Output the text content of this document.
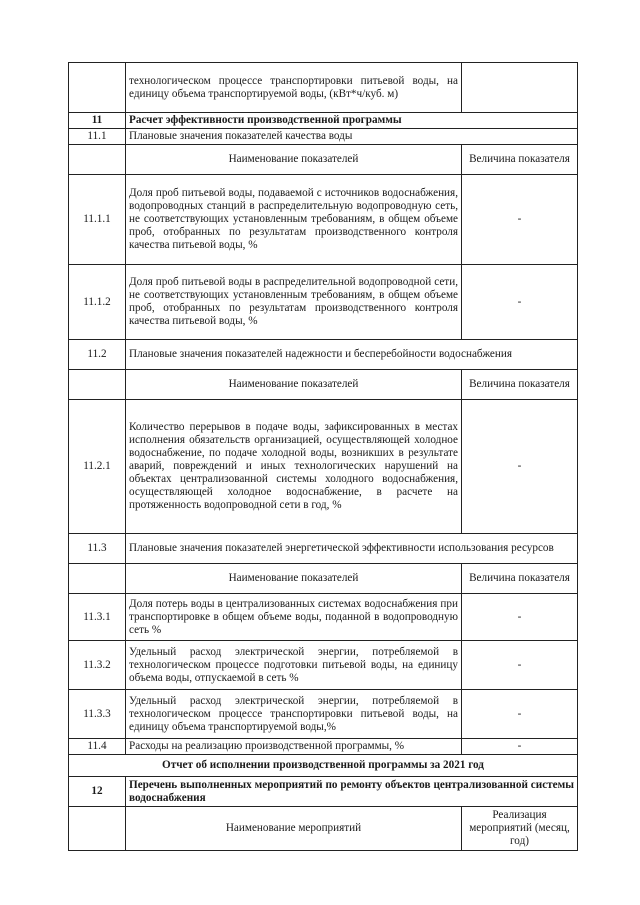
	технологическом процессе транспортировки питьевой воды, на единицу объема транспортируемой воды, (кВт*ч/куб. м)	
11	Расчет эффективности производственной программы	
11.1	Плановые значения показателей качества воды	
	Наименование показателей	Величина показателя
11.1.1	Доля проб питьевой воды, подаваемой с источников водоснабжения, водопроводных станций в распределительную водопроводную сеть, не соответствующих установленным требованиям, в общем объеме проб, отобранных по результатам производственного контроля качества питьевой воды, %	-
11.1.2	Доля проб питьевой воды в распределительной водопроводной сети, не соответствующих установленным требованиям, в общем объеме проб, отобранных по результатам производственного контроля качества питьевой воды, %	-
11.2	Плановые значения показателей надежности и бесперебойности водоснабжения	
	Наименование показателей	Величина показателя
11.2.1	Количество перерывов в подаче воды, зафиксированных в местах исполнения обязательств организацией, осуществляющей холодное водоснабжение, по подаче холодной воды, возникших в результате аварий, повреждений и иных технологических нарушений на объектах централизованной системы холодного водоснабжения, осуществляющей холодное водоснабжение, в расчете на протяженность водопроводной сети в год, %	-
11.3	Плановые значения показателей энергетической эффективности использования ресурсов	
	Наименование показателей	Величина показателя
11.3.1	Доля потерь воды в централизованных системах водоснабжения при транспортировке в общем объеме воды, поданной в водопроводную сеть %	-
11.3.2	Удельный расход электрической энергии, потребляемой в технологическом процессе подготовки питьевой воды, на единицу объема воды, отпускаемой в сеть %	-
11.3.3	Удельный расход электрической энергии, потребляемой в технологическом процессе транспортировки питьевой воды, на единицу объема транспортируемой воды,%	-
11.4	Расходы на реализацию производственной программы, %	-
Отчет об исполнении производственной программы за 2021 год		
12	Перечень выполненных мероприятий по ремонту объектов централизованной системы водоснабжения	
	Наименование мероприятий	Реализация мероприятий (месяц, год)
